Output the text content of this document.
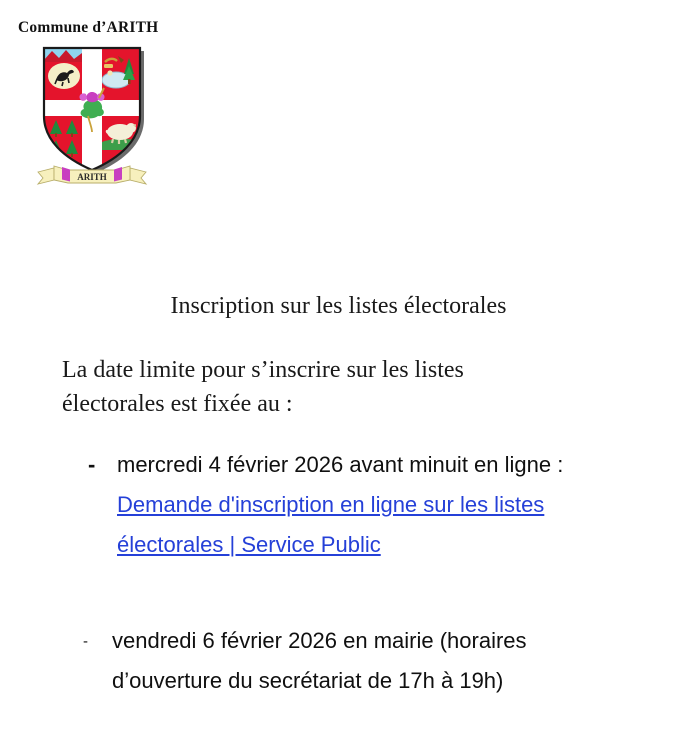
Commune d’ARITH
ARITH
Inscription sur les listes électorales
La date limite pour s’inscrire sur les listes électorales est fixée au :
- mercredi 4 février 2026 avant minuit en ligne :
Demande d'inscription en ligne sur les listes électorales | Service Public
- vendredi 6 février 2026 en mairie (horaires d’ouverture du secrétariat de 17h à 19h)
